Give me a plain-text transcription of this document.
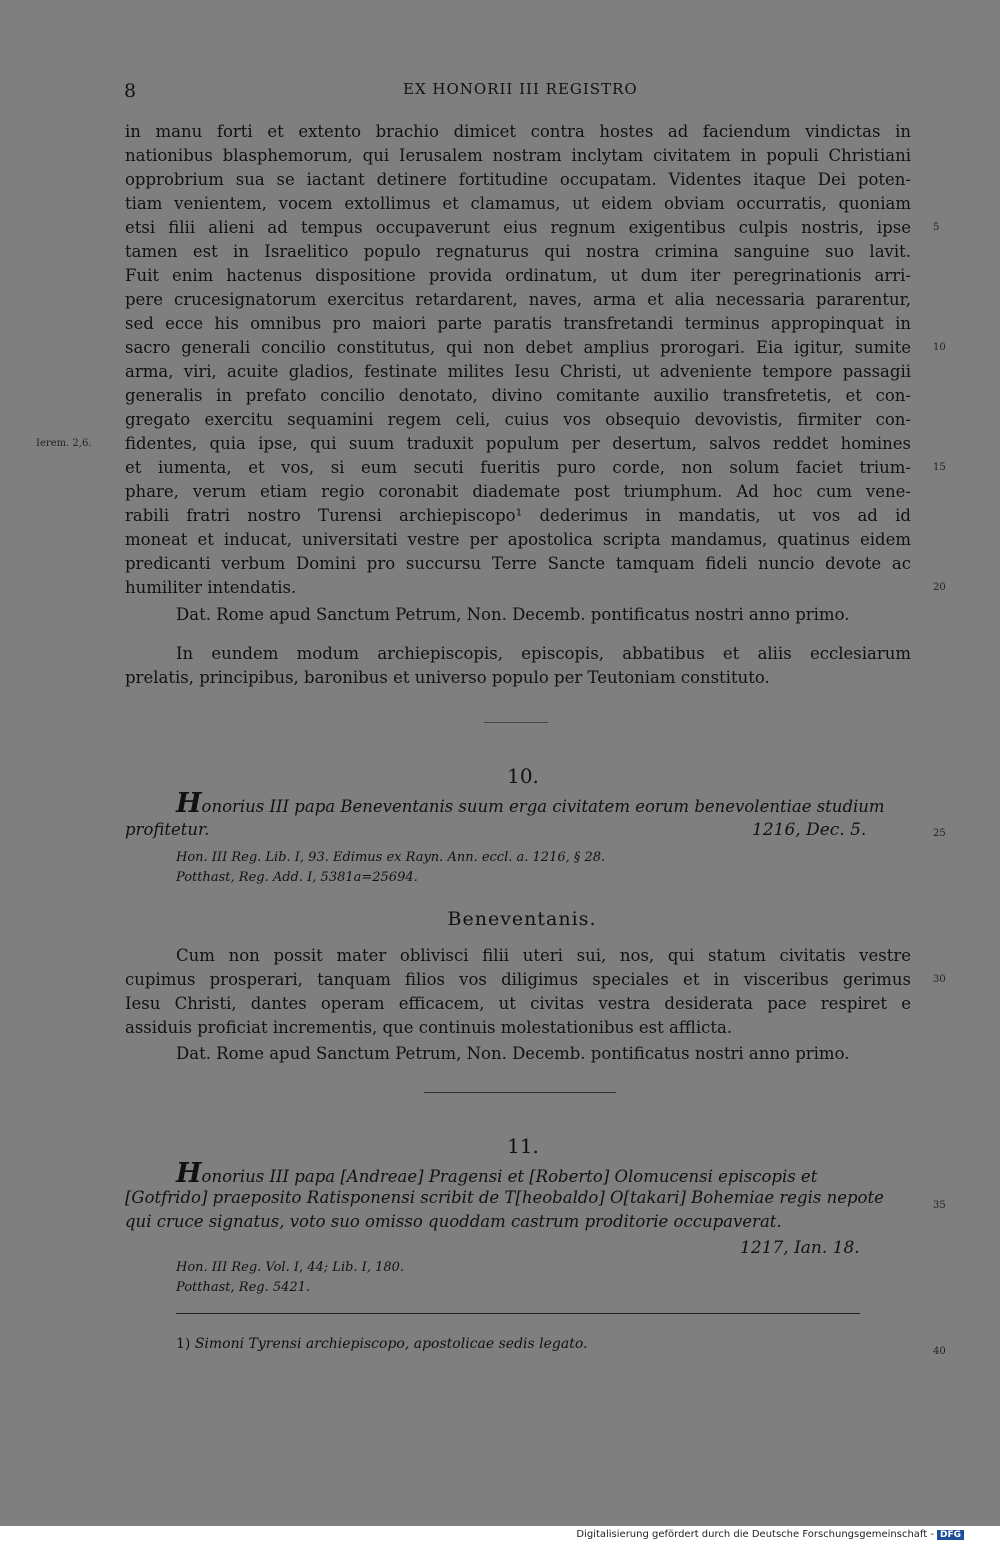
8	EX HONORII III REGISTRO
in manu forti et extento brachio dimicet contra hostes ad faciendum vindictas in
nationibus blasphemorum, qui Ierusalem nostram inclytam civitatem in populi Christiani
opprobrium sua se iactant detinere fortitudine occupatam. Videntes itaque Dei poten-
tiam venientem, vocem extollimus et clamamus, ut eidem obviam occurratis, quoniam
etsi filii alieni ad tempus occupaverunt eius regnum exigentibus culpis nostris, ipse
tamen est in Israelitico populo regnaturus qui nostra crimina sanguine suo lavit.
Fuit enim hactenus dispositione provida ordinatum, ut dum iter peregrinationis arri-
pere crucesignatorum exercitus retardarent, naves, arma et alia necessaria pararentur,
sed ecce his omnibus pro maiori parte paratis transfretandi terminus appropinquat in
sacro generali concilio constitutus, qui non debet amplius prorogari. Eia igitur, sumite
arma, viri, acuite gladios, festinate milites Iesu Christi, ut adveniente tempore passagii
generalis in prefato concilio denotato, divino comitante auxilio transfretetis, et con-
gregato exercitu sequamini regem celi, cuius vos obsequio devovistis, firmiter con-
fidentes, quia ipse, qui suum traduxit populum per desertum, salvos reddet homines
et iumenta, et vos, si eum secuti fueritis puro corde, non solum faciet trium-
phare, verum etiam regio coronabit diademate post triumphum. Ad hoc cum vene-
rabili fratri nostro Turensi archiepiscopo¹ dederimus in mandatis, ut vos ad id
moneat et inducat, universitati vestre per apostolica scripta mandamus, quatinus eidem
predicanti verbum Domini pro succursu Terre Sancte tamquam fideli nuncio devote ac
humiliter intendatis.
Dat. Rome apud Sanctum Petrum, Non. Decemb. pontificatus nostri anno primo.
In eundem modum archiepiscopis, episcopis, abbatibus et aliis ecclesiarum
prelatis, principibus, baronibus et universo populo per Teutoniam constituto.
Ierem. 2,6.
5
10
15
20
10.
Honorius III papa Beneventanis suum erga civitatem eorum benevolentiae studium
profitetur.	1216, Dec. 5.
Hon. III Reg. Lib. I, 93. Edimus ex Rayn. Ann. eccl. a. 1216, § 28.
Potthast, Reg. Add. I, 5381a=25694.
Beneventanis.
Cum non possit mater oblivisci filii uteri sui, nos, qui statum civitatis vestre
cupimus prosperari, tanquam filios vos diligimus speciales et in visceribus gerimus
Iesu Christi, dantes operam efficacem, ut civitas vestra desiderata pace respiret e
assiduis proficiat incrementis, que continuis molestationibus est afflicta.
Dat. Rome apud Sanctum Petrum, Non. Decemb. pontificatus nostri anno primo.
25
30
11.
Honorius III papa [Andreae] Pragensi et [Roberto] Olomucensi episcopis et
[Gotfrido] praeposito Ratisponensi scribit de T[heobaldo] O[takari] Bohemiae regis nepote
qui cruce signatus, voto suo omisso quoddam castrum proditorie occupaverat.
1217, Ian. 18.
Hon. III Reg. Vol. I, 44; Lib. I, 180.
Potthast, Reg. 5421.
35
40
1) Simoni Tyrensi archiepiscopo, apostolicae sedis legato.
Digitalisierung gefördert durch die Deutsche Forschungsgemeinschaft - DFG
